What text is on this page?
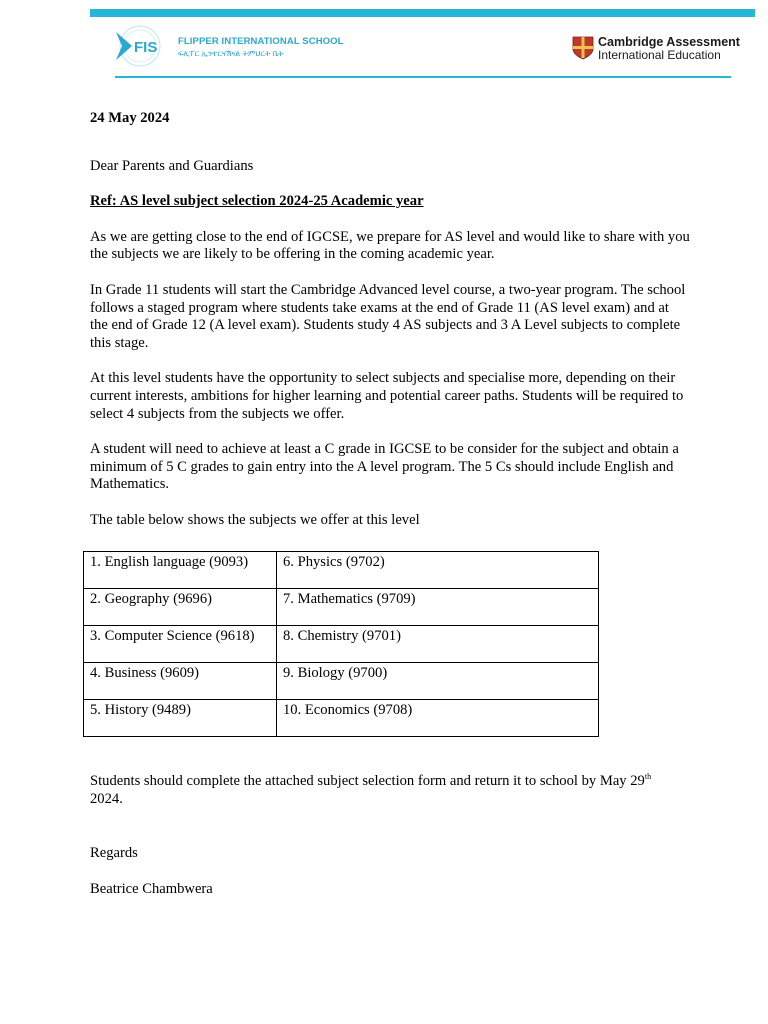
FIS FLIPPER INTERNATIONAL SCHOOL
ፍሊፐር ኢንተርናሽናል ትምህርት ቤት
Cambridge Assessment
International Education

24 May 2024

Dear Parents and Guardians

Ref: AS level subject selection 2024-25 Academic year

As we are getting close to the end of IGCSE, we prepare for AS level and would like to share with you the subjects we are likely to be offering in the coming academic year.

In Grade 11 students will start the Cambridge Advanced level course, a two-year program. The school follows a staged program where students take exams at the end of Grade 11 (AS level exam) and at the end of Grade 12 (A level exam). Students study 4 AS subjects and 3 A Level subjects to complete this stage.

At this level students have the opportunity to select subjects and specialise more, depending on their current interests, ambitions for higher learning and potential career paths. Students will be required to select 4 subjects from the subjects we offer.

A student will need to achieve at least a C grade in IGCSE to be consider for the subject and obtain a minimum of 5 C grades to gain entry into the A level program. The 5 Cs should include English and Mathematics.

The table below shows the subjects we offer at this level

1. English language (9093)	6. Physics (9702)
2. Geography (9696)	7. Mathematics (9709)
3. Computer Science (9618)	8. Chemistry (9701)
4. Business (9609)	9. Biology (9700)
5. History (9489)	10. Economics (9708)

Students should complete the attached subject selection form and return it to school by May 29th
2024.

Regards

Beatrice Chambwera
